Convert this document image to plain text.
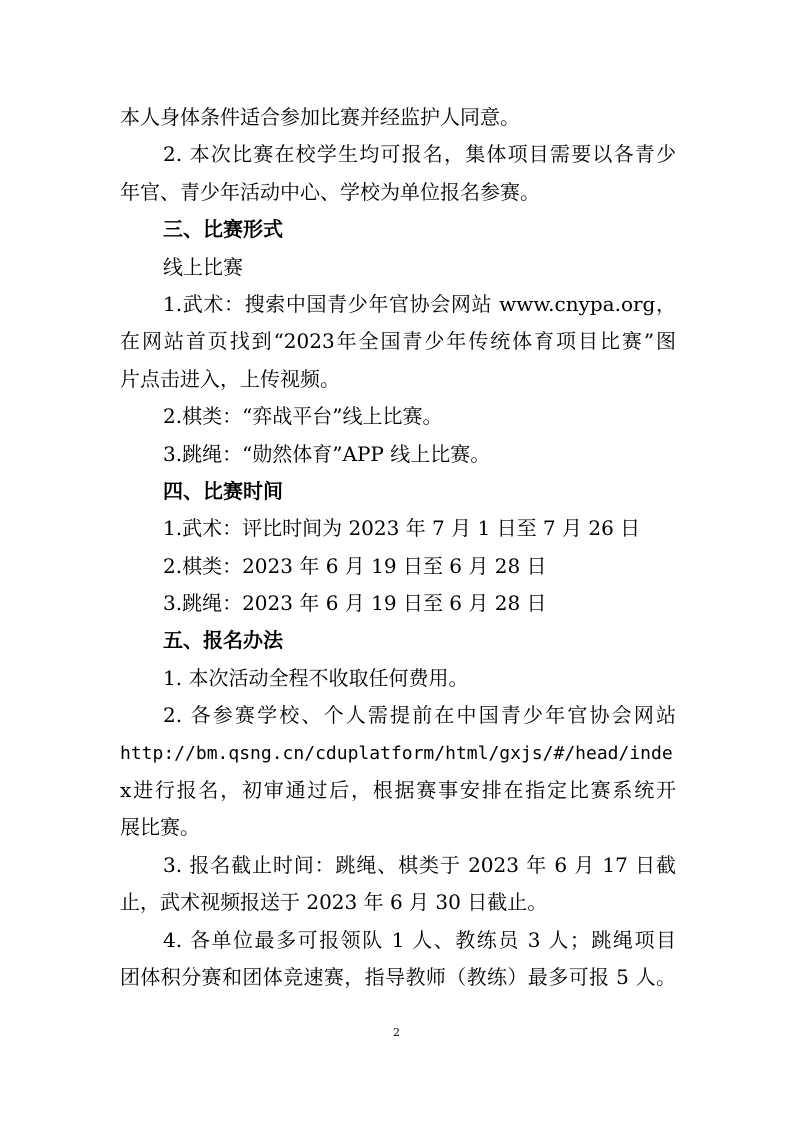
本人身体条件适合参加比赛并经监护人同意。
2. 本次比赛在校学生均可报名，集体项目需要以各青少
年官、青少年活动中心、学校为单位报名参赛。
三、比赛形式
线上比赛
1.武术：搜索中国青少年官协会网站 www.cnypa.org，
在网站首页找到“2023年全国青少年传统体育项目比赛”图
片点击进入，上传视频。
2.棋类：“弈战平台”线上比赛。
3.跳绳：“勋然体育”APP 线上比赛。
四、比赛时间
1.武术：评比时间为 2023 年 7 月 1 日至 7 月 26 日
2.棋类：2023 年 6 月 19 日至 6 月 28 日
3.跳绳：2023 年 6 月 19 日至 6 月 28 日
五、报名办法
1. 本次活动全程不收取任何费用。
2. 各参赛学校、个人需提前在中国青少年官协会网站
http://bm.qsng.cn/cduplatform/html/gxjs/#/head/inde
x进行报名，初审通过后，根据赛事安排在指定比赛系统开
展比赛。
3. 报名截止时间：跳绳、棋类于 2023 年 6 月 17 日截
止，武术视频报送于 2023 年 6 月 30 日截止。
4. 各单位最多可报领队 1 人、教练员 3 人；跳绳项目
团体积分赛和团体竞速赛，指导教师（教练）最多可报 5 人。
2
